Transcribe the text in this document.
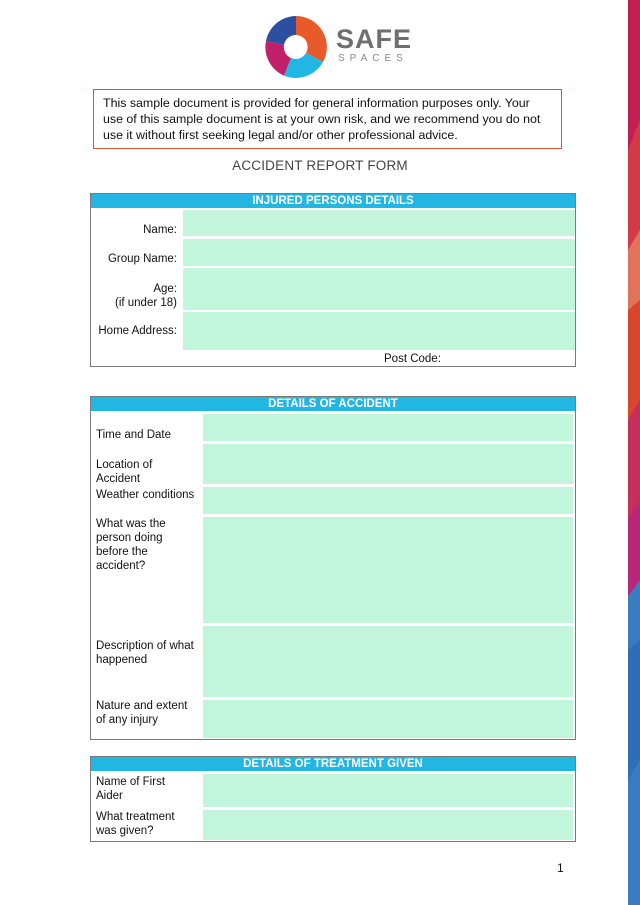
SAFE
SPACES
This sample document is provided for general information purposes only. Your use of this sample document is at your own risk, and we recommend you do not use it without first seeking legal and/or other professional advice.
ACCIDENT REPORT FORM
INJURED PERSONS DETAILS
Name:
Group Name:
Age:
(if under 18)
Home Address:
Post Code:
DETAILS OF ACCIDENT
Time and Date
Location of
Accident
Weather conditions
What was the
person doing
before the
accident?
Description of what
happened
Nature and extent
of any injury
DETAILS OF TREATMENT GIVEN
Name of First
Aider
What treatment
was given?
1
